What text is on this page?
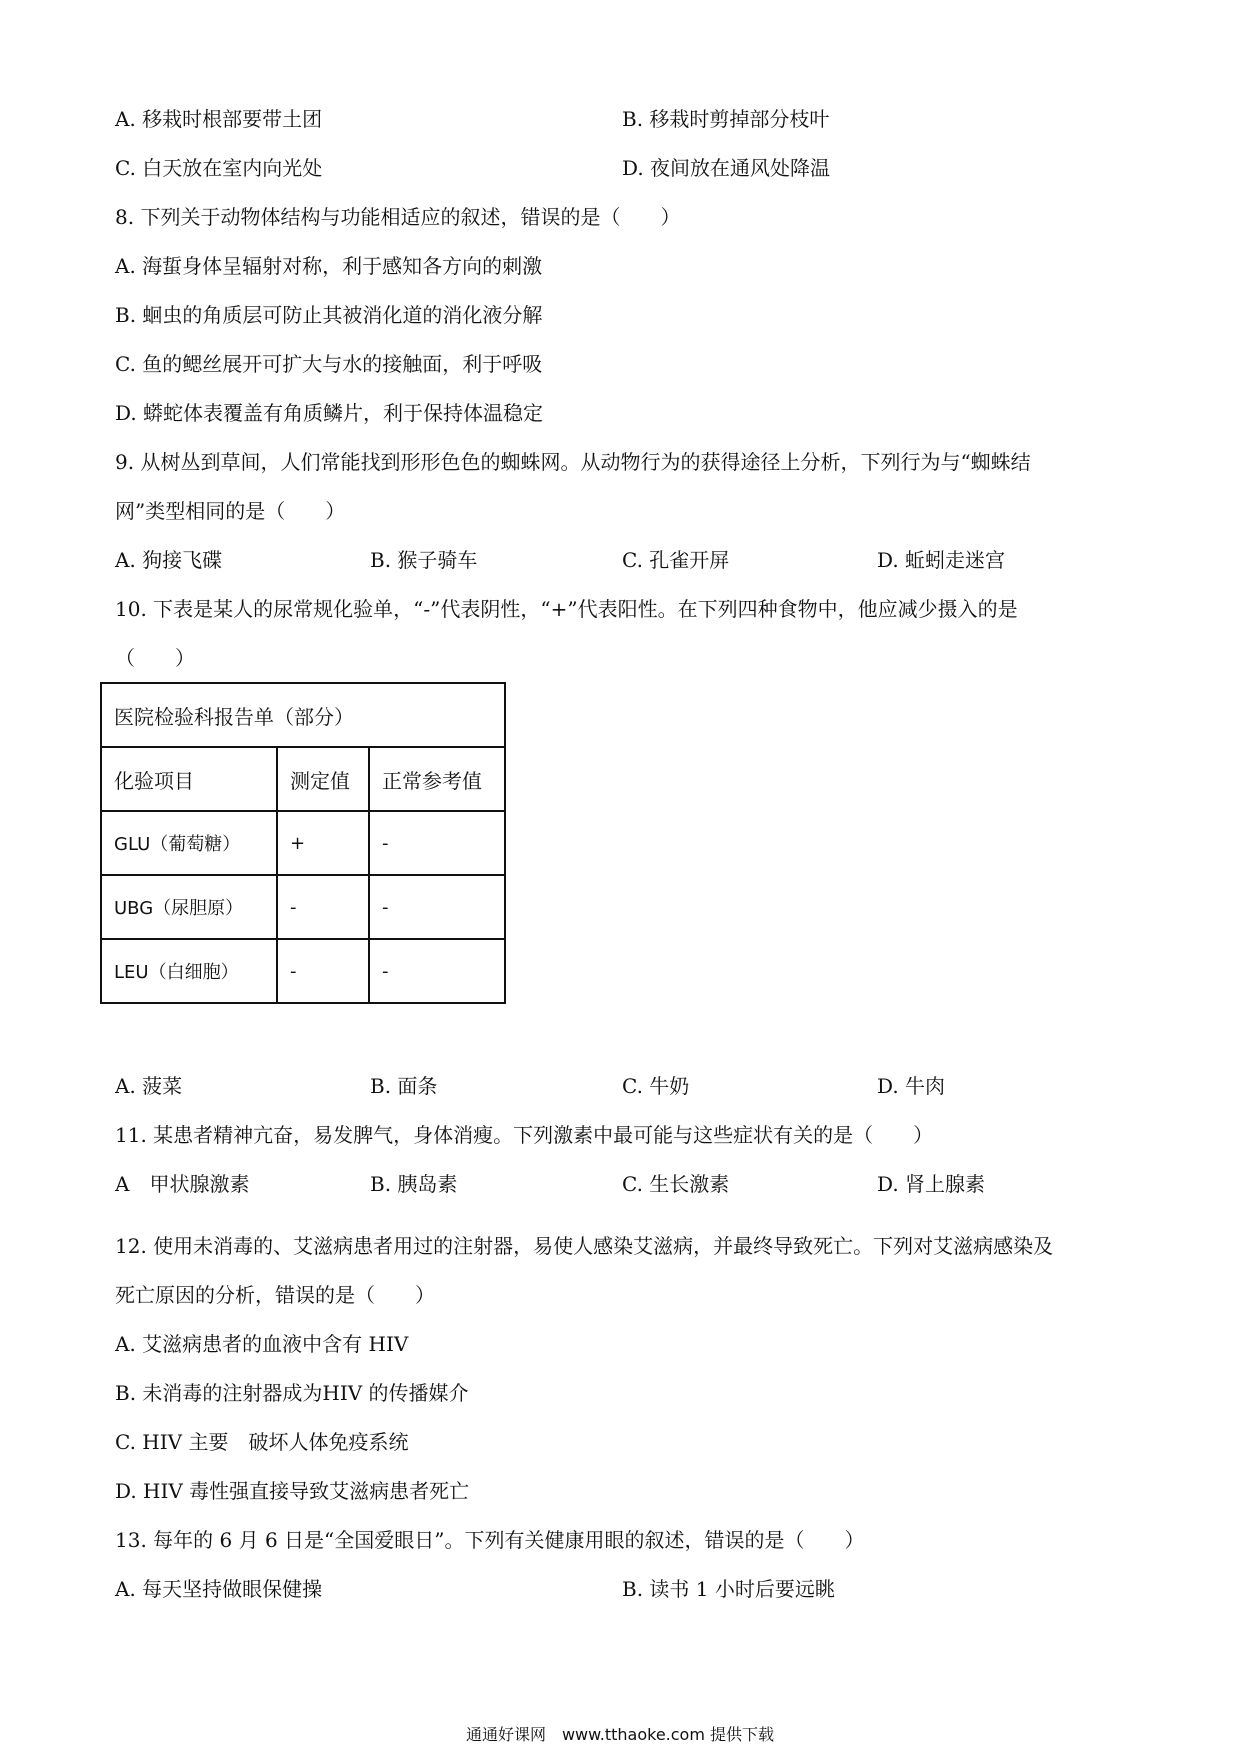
A. 移栽时根部要带土团	B. 移栽时剪掉部分枝叶
C. 白天放在室内向光处	D. 夜间放在通风处降温
8. 下列关于动物体结构与功能相适应的叙述，错误的是（　　）
A. 海蜇身体呈辐射对称，利于感知各方向的刺激
B. 蛔虫的角质层可防止其被消化道的消化液分解
C. 鱼的鳃丝展开可扩大与水的接触面，利于呼吸
D. 蟒蛇体表覆盖有角质鳞片，利于保持体温稳定
9. 从树丛到草间，人们常能找到形形色色的蜘蛛网。从动物行为的获得途径上分析，下列行为与“蜘蛛结
网”类型相同的是（　　）
A. 狗接飞碟	B. 猴子骑车	C. 孔雀开屏	D. 蚯蚓走迷宫
10. 下表是某人的尿常规化验单，“-”代表阴性，“+”代表阳性。在下列四种食物中，他应减少摄入的是
（　　）
医院检验科报告单（部分）		
化验项目	测定值	正常参考值
GLU（葡萄糖）	+	-
UBG（尿胆原）	-	-
LEU（白细胞）	-	-
A. 菠菜	B. 面条	C. 牛奶	D. 牛肉
11. 某患者精神亢奋，易发脾气，身体消瘦。下列激素中最可能与这些症状有关的是（　　）
A　甲状腺激素	B. 胰岛素	C. 生长激素	D. 肾上腺素
12. 使用未消毒的、艾滋病患者用过的注射器，易使人感染艾滋病，并最终导致死亡。下列对艾滋病感染及
死亡原因的分析，错误的是（　　）
A. 艾滋病患者的血液中含有 HIV
B. 未消毒的注射器成为HIV 的传播媒介
C. HIV 主要　破坏人体免疫系统
D. HIV 毒性强直接导致艾滋病患者死亡
13. 每年的 6 月 6 日是“全国爱眼日”。下列有关健康用眼的叙述，错误的是（　　）
A. 每天坚持做眼保健操	B. 读书 1 小时后要远眺
通通好课网　www.tthaoke.com 提供下载
